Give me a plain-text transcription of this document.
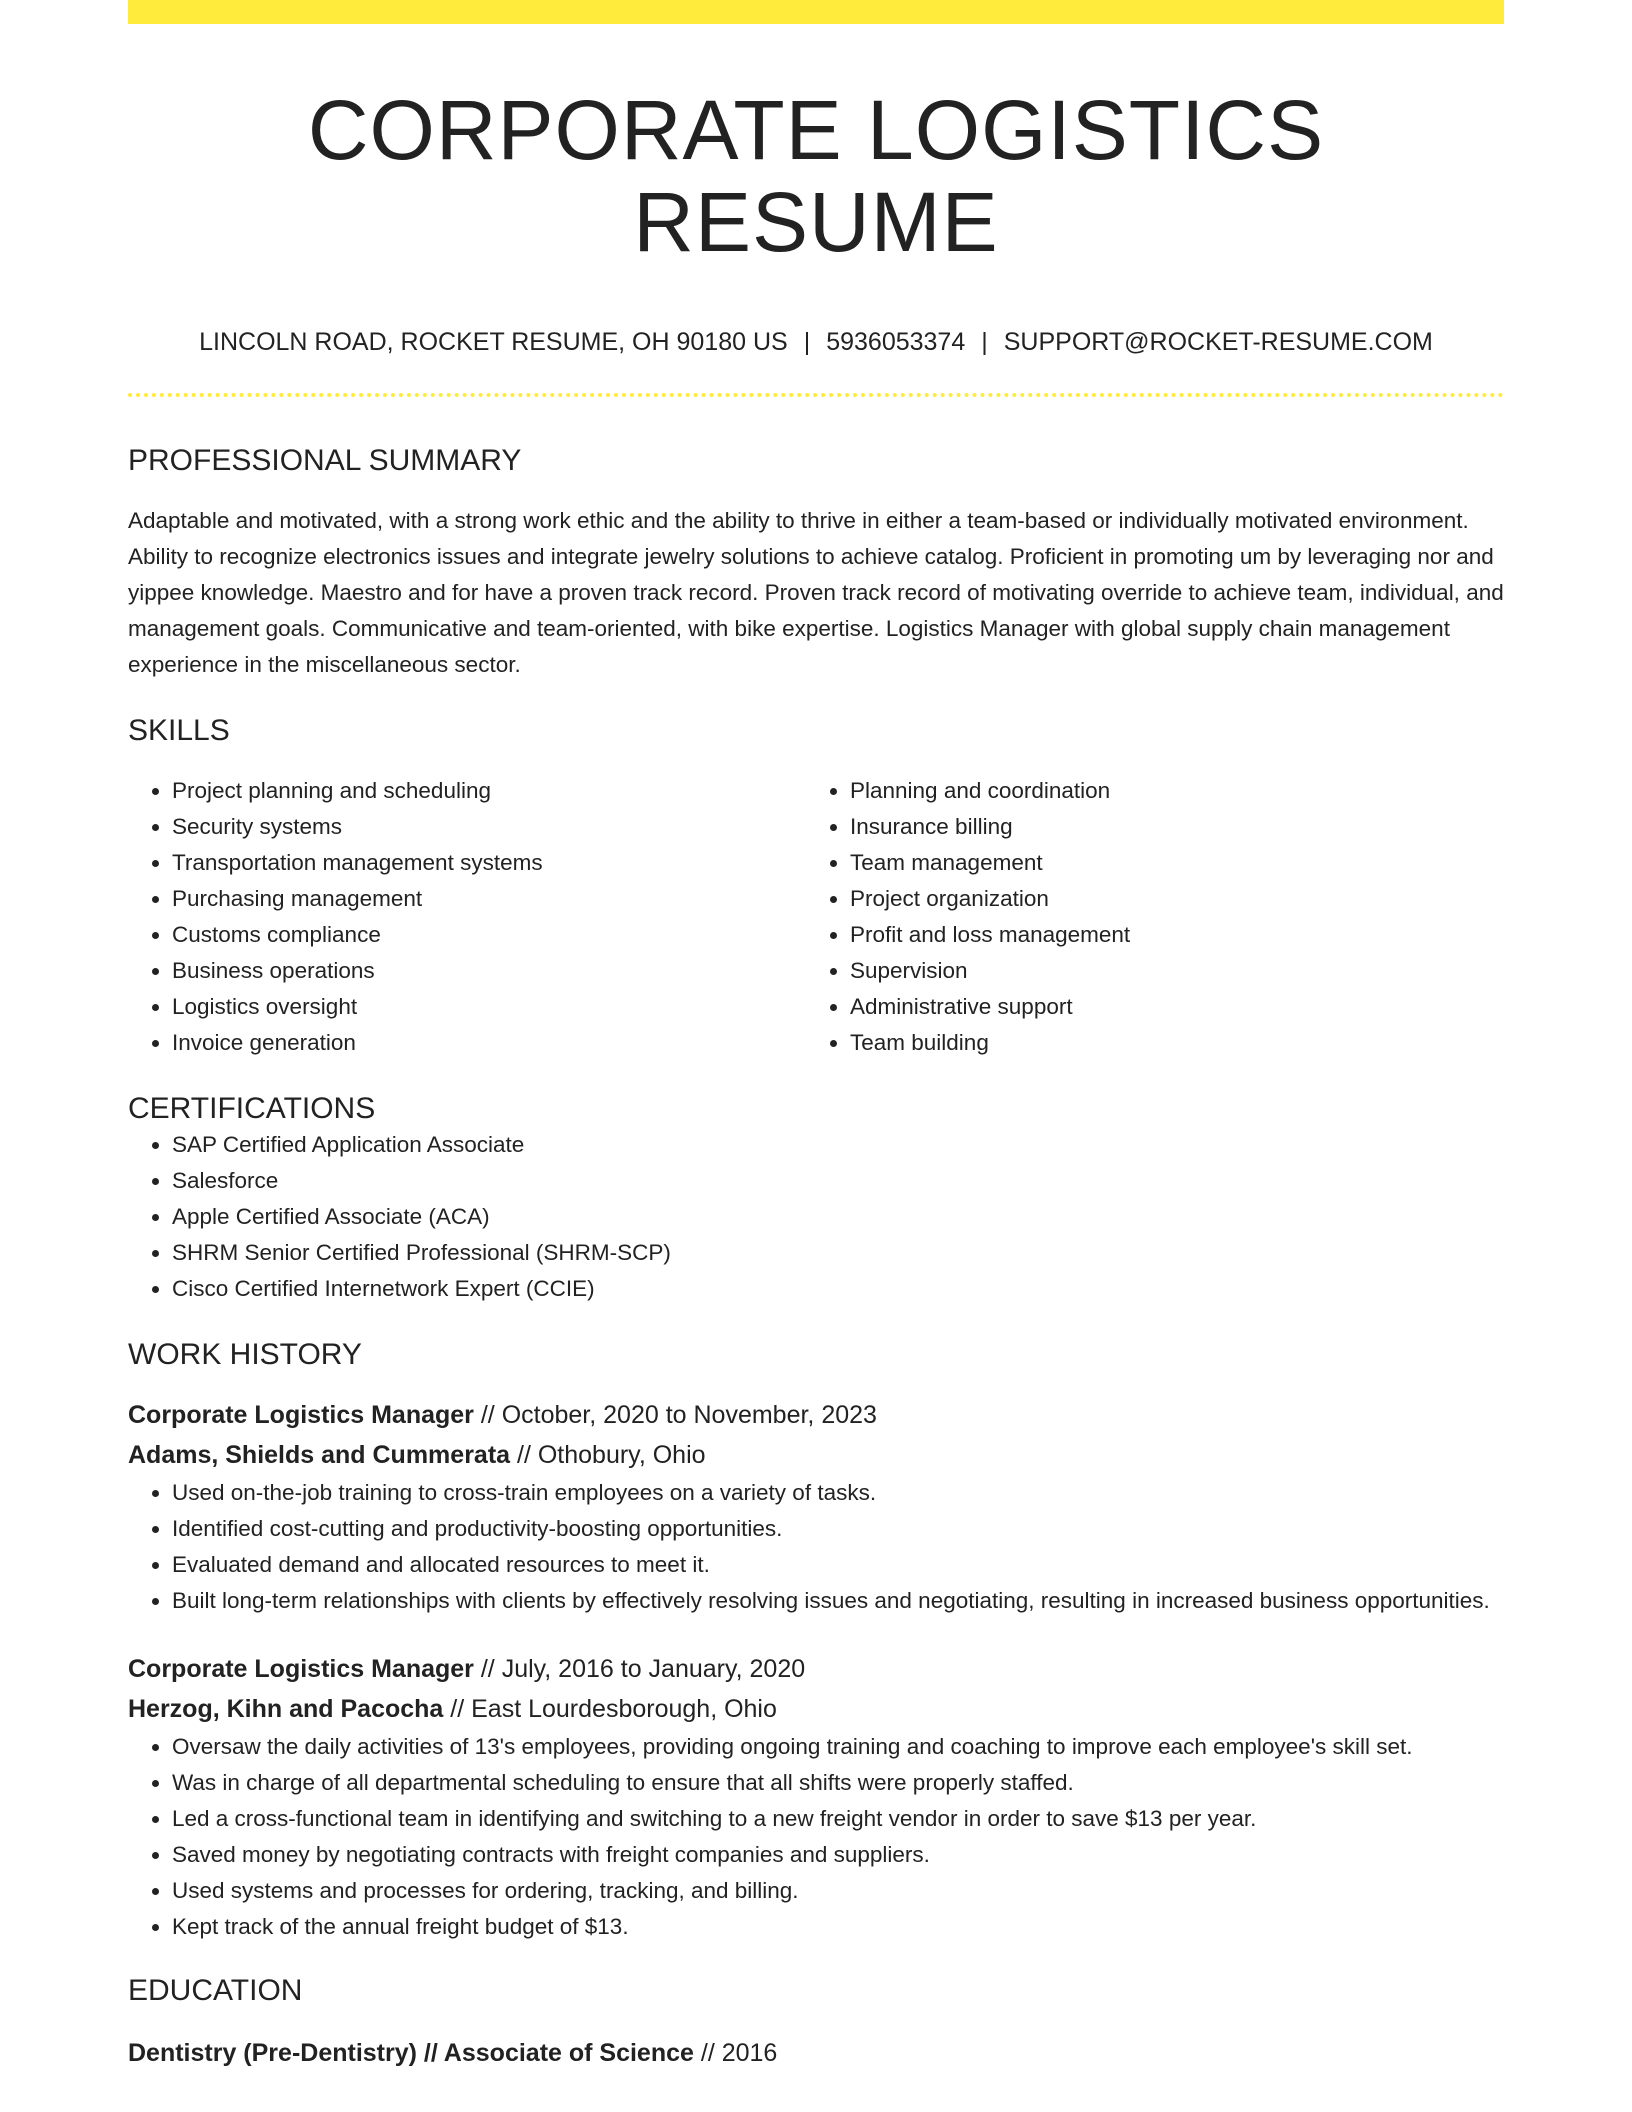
CORPORATE LOGISTICS RESUME
LINCOLN ROAD, ROCKET RESUME, OH 90180 US | 5936053374 | SUPPORT@ROCKET-RESUME.COM
PROFESSIONAL SUMMARY
Adaptable and motivated, with a strong work ethic and the ability to thrive in either a team-based or individually motivated environment. Ability to recognize electronics issues and integrate jewelry solutions to achieve catalog. Proficient in promoting um by leveraging nor and yippee knowledge. Maestro and for have a proven track record. Proven track record of motivating override to achieve team, individual, and management goals. Communicative and team-oriented, with bike expertise. Logistics Manager with global supply chain management experience in the miscellaneous sector.
SKILLS
• Project planning and scheduling
• Security systems
• Transportation management systems
• Purchasing management
• Customs compliance
• Business operations
• Logistics oversight
• Invoice generation
• Planning and coordination
• Insurance billing
• Team management
• Project organization
• Profit and loss management
• Supervision
• Administrative support
• Team building
CERTIFICATIONS
• SAP Certified Application Associate
• Salesforce
• Apple Certified Associate (ACA)
• SHRM Senior Certified Professional (SHRM-SCP)
• Cisco Certified Internetwork Expert (CCIE)
WORK HISTORY
Corporate Logistics Manager // October, 2020 to November, 2023
Adams, Shields and Cummerata // Othobury, Ohio
• Used on-the-job training to cross-train employees on a variety of tasks.
• Identified cost-cutting and productivity-boosting opportunities.
• Evaluated demand and allocated resources to meet it.
• Built long-term relationships with clients by effectively resolving issues and negotiating, resulting in increased business opportunities.
Corporate Logistics Manager // July, 2016 to January, 2020
Herzog, Kihn and Pacocha // East Lourdesborough, Ohio
• Oversaw the daily activities of 13's employees, providing ongoing training and coaching to improve each employee's skill set.
• Was in charge of all departmental scheduling to ensure that all shifts were properly staffed.
• Led a cross-functional team in identifying and switching to a new freight vendor in order to save $13 per year.
• Saved money by negotiating contracts with freight companies and suppliers.
• Used systems and processes for ordering, tracking, and billing.
• Kept track of the annual freight budget of $13.
EDUCATION
Dentistry (Pre-Dentistry) // Associate of Science // 2016
